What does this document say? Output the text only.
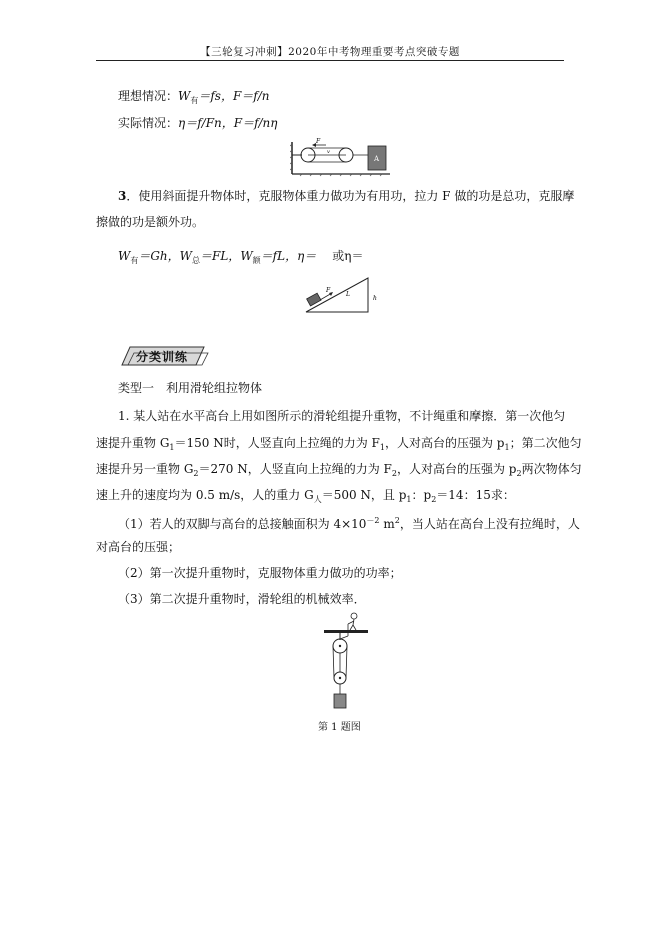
【三轮复习冲刺】2020年中考物理重要考点突破专题
理想情况：$W_有=fs$，F＝f/n
实际情况：η＝f/Fn，F＝f/nη
F
v
A
3．使用斜面提升物体时，克服物体重力做功为有用功，拉力 F 做的功是总功，克服摩
擦做的功是额外功。
$W_有=Gh$，$W_总=FL$，$W_额=fL$，η＝ 或η＝
F
L
h
分类训练
类型一　利用滑轮组拉物体
1. 某人站在水平高台上用如图所示的滑轮组提升重物，不计绳重和摩擦．第一次他匀
速提升重物 $G_1=150$ N时，人竖直向上拉绳的力为 $F_1$，人对高台的压强为 $p_1$；第二次他匀
速提升另一重物 $G_2=270$ N，人竖直向上拉绳的力为 $F_2$，人对高台的压强为 $p_2$两次物体匀
速上升的速度均为 0.5 m/s，人的重力 $G_人=500$ N，且 $p_1$：$p_2=14$：15求：
（1）若人的双脚与高台的总接触面积为 $4\times 10^{-2}$ $m^2$，当人站在高台上没有拉绳时，人
对高台的压强；
（2）第一次提升重物时，克服物体重力做功的功率；
（3）第二次提升重物时，滑轮组的机械效率．
第 1 题图
